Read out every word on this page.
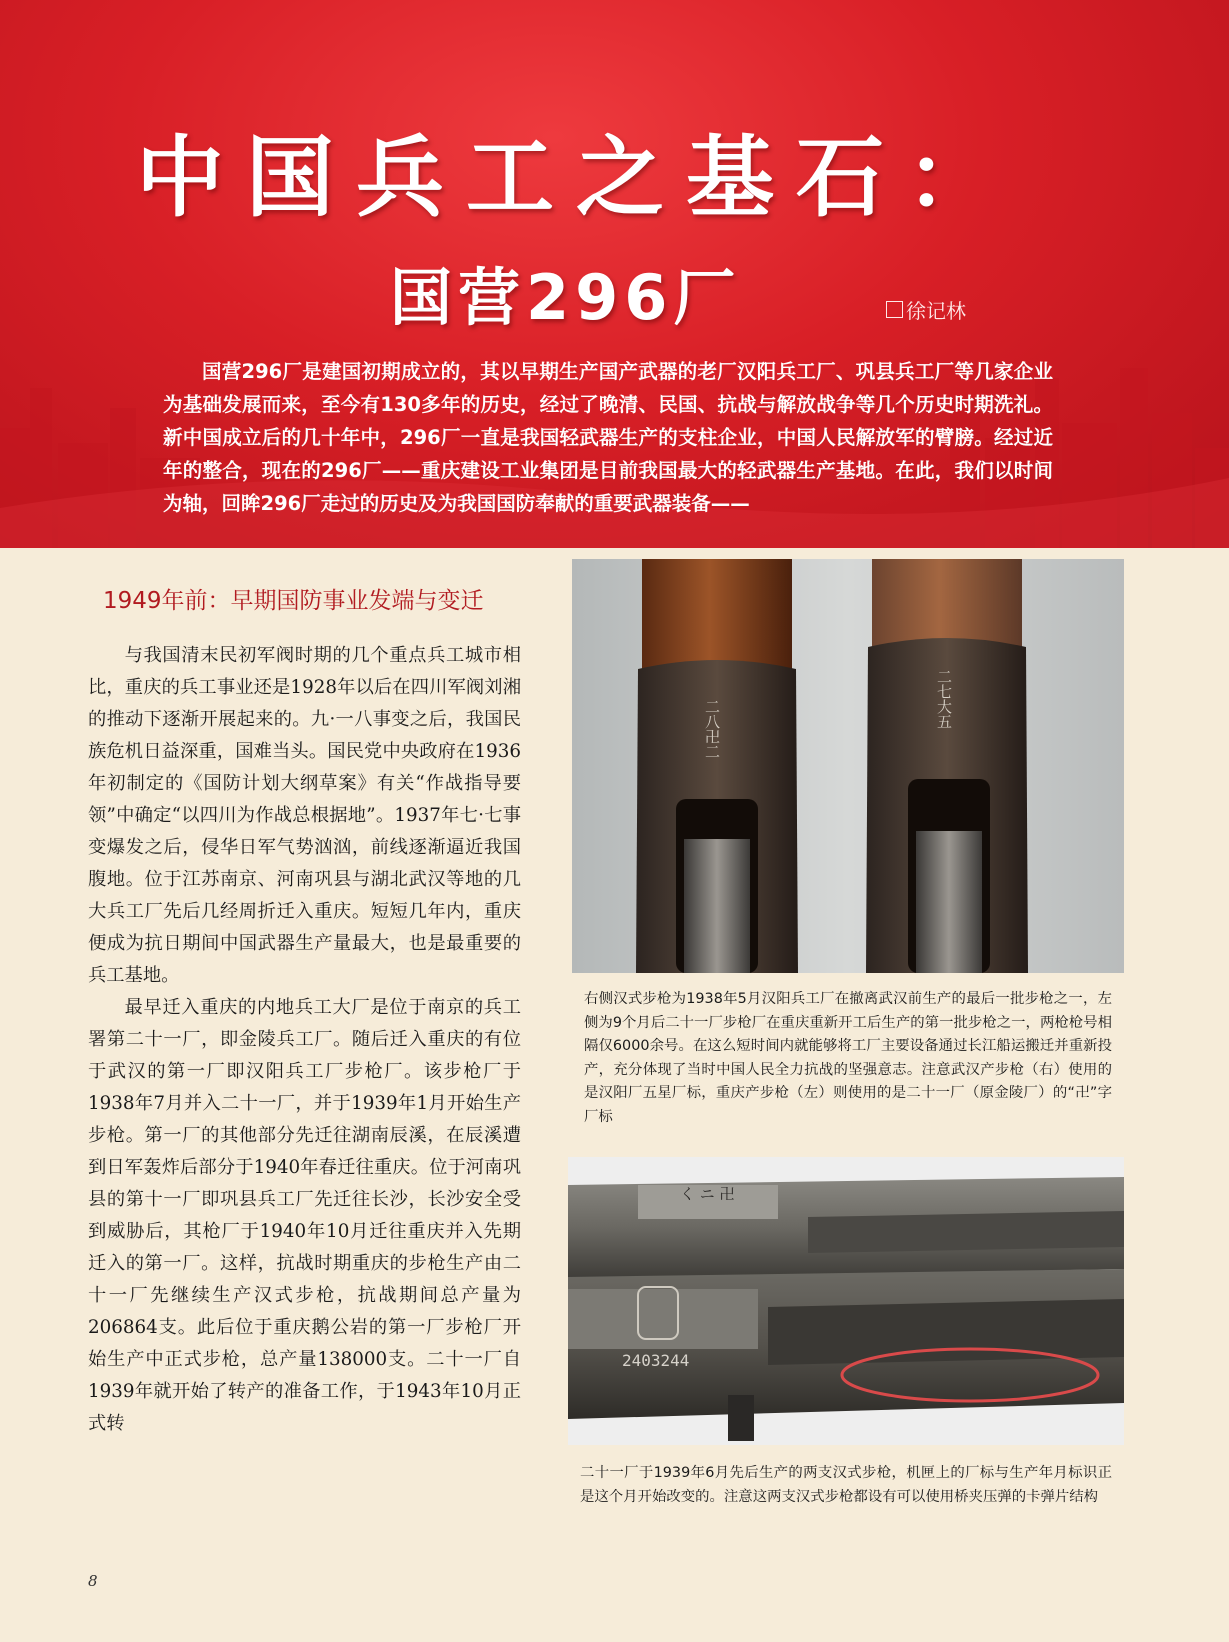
中国兵工之基石：
国营296厂	徐记林
国营296厂是建国初期成立的，其以早期生产国产武器的老厂汉阳兵工厂、巩县兵工厂等几家企业为基础发展而来，至今有130多年的历史，经过了晚清、民国、抗战与解放战争等几个历史时期洗礼。新中国成立后的几十年中，296厂一直是我国轻武器生产的支柱企业，中国人民解放军的臂膀。经过近年的整合，现在的296厂——重庆建设工业集团是目前我国最大的轻武器生产基地。在此，我们以时间为轴，回眸296厂走过的历史及为我国国防奉献的重要武器装备——
1949年前：早期国防事业发端与变迁

与我国清末民初军阀时期的几个重点兵工城市相比，重庆的兵工事业还是1928年以后在四川军阀刘湘的推动下逐渐开展起来的。九·一八事变之后，我国民族危机日益深重，国难当头。国民党中央政府在1936年初制定的《国防计划大纲草案》有关“作战指导要领”中确定“以四川为作战总根据地”。1937年七·七事变爆发之后，侵华日军气势汹汹，前线逐渐逼近我国腹地。位于江苏南京、河南巩县与湖北武汉等地的几大兵工厂先后几经周折迁入重庆。短短几年内，重庆便成为抗日期间中国武器生产量最大，也是最重要的兵工基地。

最早迁入重庆的内地兵工大厂是位于南京的兵工署第二十一厂，即金陵兵工厂。随后迁入重庆的有位于武汉的第一厂即汉阳兵工厂步枪厂。该步枪厂于1938年7月并入二十一厂，并于1939年1月开始生产步枪。第一厂的其他部分先迁往湖南辰溪，在辰溪遭到日军轰炸后部分于1940年春迁往重庆。位于河南巩县的第十一厂即巩县兵工厂先迁往长沙，长沙安全受到威胁后，其枪厂于1940年10月迁往重庆并入先期迁入的第一厂。这样，抗战时期重庆的步枪生产由二十一厂先继续生产汉式步枪，抗战期间总产量为206864支。此后位于重庆鹅公岩的第一厂步枪厂开始生产中正式步枪，总产量138000支。二十一厂自1939年就开始了转产的准备工作，于1943年10月正式转

8
二八卍二	二七大五
右侧汉式步枪为1938年5月汉阳兵工厂在撤离武汉前生产的最后一批步枪之一，左侧为9个月后二十一厂步枪厂在重庆重新开工后生产的第一批步枪之一，两枪枪号相隔仅6000余号。在这么短时间内就能够将工厂主要设备通过长江船运搬迁并重新投产，充分体现了当时中国人民全力抗战的坚强意志。注意武汉产步枪（右）使用的是汉阳厂五星厂标，重庆产步枪（左）则使用的是二十一厂（原金陵厂）的“卍”字厂标
く ニ 卍
2403244
二十一厂于1939年6月先后生产的两支汉式步枪，机匣上的厂标与生产年月标识正是这个月开始改变的。注意这两支汉式步枪都设有可以使用桥夹压弹的卡弹片结构
